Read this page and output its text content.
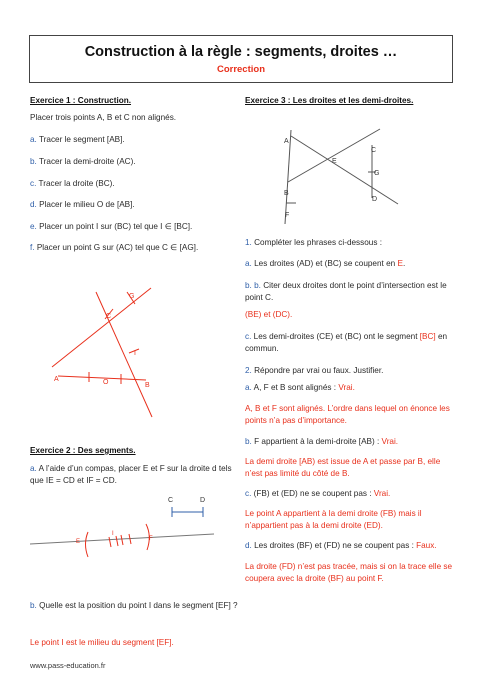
Construction à la règle : segments, droites …
Correction
Exercice 1 : Construction.
Placer trois points A, B et C non alignés.
a. Tracer le segment [AB].
b. Tracer la demi-droite (AC).
c. Tracer la droite (BC).
d. Placer le milieu O de [AB].
e. Placer un point I sur (BC) tel que I ∈ [BC].
f. Placer un point G sur (AC) tel que C ∈ [AG].
G
C
I
A	O	B
Exercice 2 : Des segments.
a. A l’aide d’un compas, placer E et F sur la droite d tels que IE = CD et IF = CD.
C	D
E
I
F
b. Quelle est la position du point I dans le segment [EF] ?
Le point I est le milieu du segment [EF].
Exercice 3 : Les droites et les demi-droites.
A
E
C
G
B
D
F
1. Compléter les phrases ci-dessous :
a. Les droites (AD) et (BC) se coupent en E.
b. b. Citer deux droites dont le point d’intersection est le point C.
(BE) et (DC).
c. Les demi-droites (CE) et (BC) ont le segment [BC] en commun.
2. Répondre par vrai ou faux. Justifier.
a. A, F et B sont alignés : Vrai.
A, B et F sont alignés. L’ordre dans lequel on énonce les points n’a pas d’importance.
b. F appartient à la demi-droite [AB) : Vrai.
La demi droite [AB) est issue de A et passe par B, elle n’est pas limité du côté de B.
c. (FB) et (ED) ne se coupent pas : Vrai.
Le point A appartient à la demi droite (FB) mais il n’appartient pas à la demi droite (ED).
d. Les droites (BF) et (FD) ne se coupent pas : Faux.
La droite (FD) n’est pas tracée, mais si on la trace elle se coupera avec la droite (BF) au point F.
www.pass-education.fr
